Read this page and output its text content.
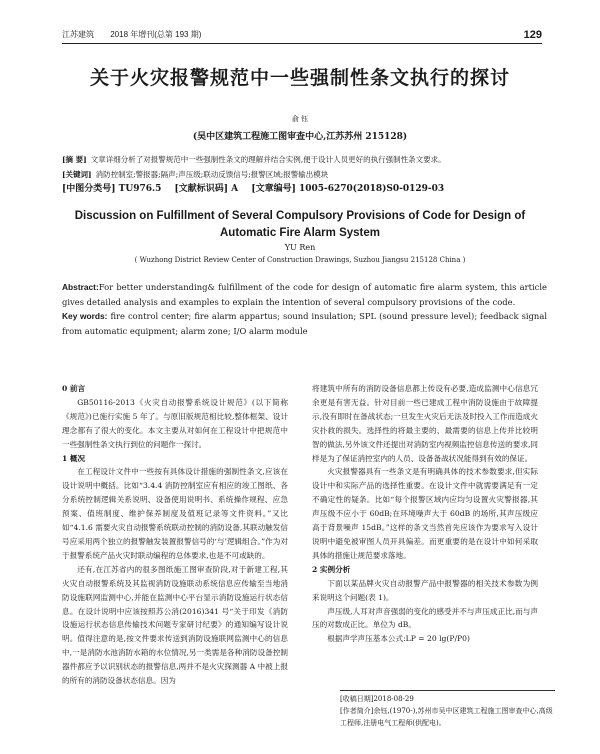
江苏建筑 2018 年增刊(总第 193 期)	129
关于火灾报警规范中一些强制性条文执行的探讨
俞 钰
(吴中区建筑工程施工图审查中心,江苏苏州 215128)
[摘 要] 文章详细分析了对报警规范中一些强制性条文的理解并结合实例,便于设计人员更好的执行强制性条文要求。
[关键词] 消防控制室;警报器;隔声;声压级;联动反馈信号;报警区域;报警输出模块
[中图分类号] TU976.5 [文献标识码] A [文章编号] 1005-6270(2018)S0-0129-03
Discussion on Fulfillment of Several Compulsory Provisions of Code for Design of Automatic Fire Alarm System
YU Ren
( Wuzhong District Review Center of Construction Drawings, Suzhou Jiangsu 215128 China )
Abstract:For better understanding& fulfillment of the code for design of automatic fire alarm system, this article gives detailed analysis and examples to explain the intention of several compulsory provisions of the code.
Key words: fire control center; fire alarm appartus; sound insulation; SPL (sound pressure level); feedback signal from automatic equipment; alarm zone; I/O alarm module
0 前言

GB50116-2013《火灾自动报警系统设计规范》(以下简称《规范》)已施行实施 5 年了。与原旧版规范相比较,整体框架、设计理念都有了很大的变化。本文主要从对如何在工程设计中把规范中一些强制性条文执行到位的问题作一探讨。

1 概况

在工程设计文件中一些按有具体设计措施的强制性条文,应该在设计说明中概括。比如“3.4.4 消防控制室应有相应的竣工图纸、各分系统控制逻辑关系说明、设备使用说明书、系统操作规程、应急预案、值班制度、维护保养制度及值班记录等文件资料。”又比如“4.1.6 需要火灾自动报警系统联动控制的消防设备,其联动触发信号应采用两个独立的报警触发装置报警信号的‘与’逻辑组合。”作为对于报警系统产品火灾时联动编程的总体要求,也是不可或缺的。

还有,在江苏省内的很多图纸施工图审查阶段,对于新建工程,其火灾自动报警系统及其监视消防设施联动系统信息应传输至当地消防设施联网监测中心,并能在监测中心平台显示消防设施运行状态信息。在设计说明中应该按照苏公消(2016)341 号“关于印发《消防设施运行状态信息传输技术问题专家研讨纪要》的通知编写设计说明。值得注意的是,按文件要求传送到消防设施联网监测中心的信息中,一是消防水池消防水箱的水位情况,另一类需是各种消防设备控制器件都应予以识别状态的报警信息,两并不是火灾探测器 A 中被上报的所有的消防设备状态信息。因为

将建筑中所有的消防设备信息都上传设有必要,造成监测中心信息冗余更是有害无益。针对目前一些已建成工程中消防设施由于故障提示,没有即时在备战状态;一旦发生火灾后无法及时投入工作而造成火灾扑救的损失。选择性的将最主要的、最需要的信息上传并比较明智的做法,另外该文件还提出对消防室内视频监控信息传送的要求,同样是为了保证消控室内的人员、设备备战状况能得到有效的保证。

火灾报警器具有一些条文是有明确具体的技术参数要求,但实际设计中和实际产品的选择性重要。在设计文件中就需要满足有一定不确定性的疑条。比如“每个报警区域内应均匀设置火灾警报器,其声压级不应小于 60dB;在环境噪声大于 60dB 的场所,其声压级应高于背景噪声 15dB。”这样的条文当然首先应该作为要求写入设计说明中避免被审图人员开具偏差。而更重要的是在设计中如何采取具体的措施让规范要求落地。

2 实例分析

下面以某品牌火灾自动报警产品中报警器的相关技术参数为例来说明这个问题(表 1)。

声压级,人耳对声音强弱的变化的感受并不与声压成正比,而与声压的对数成正比。单位为 dB。

根据声学声压基本公式:LP = 20 lg(P/P0)

[收稿日期]2018-08-29
[作者简介]余钰,(1970-),苏州市吴中区建筑工程施工图审查中心,高级工程师,注册电气工程师(供配电)。
